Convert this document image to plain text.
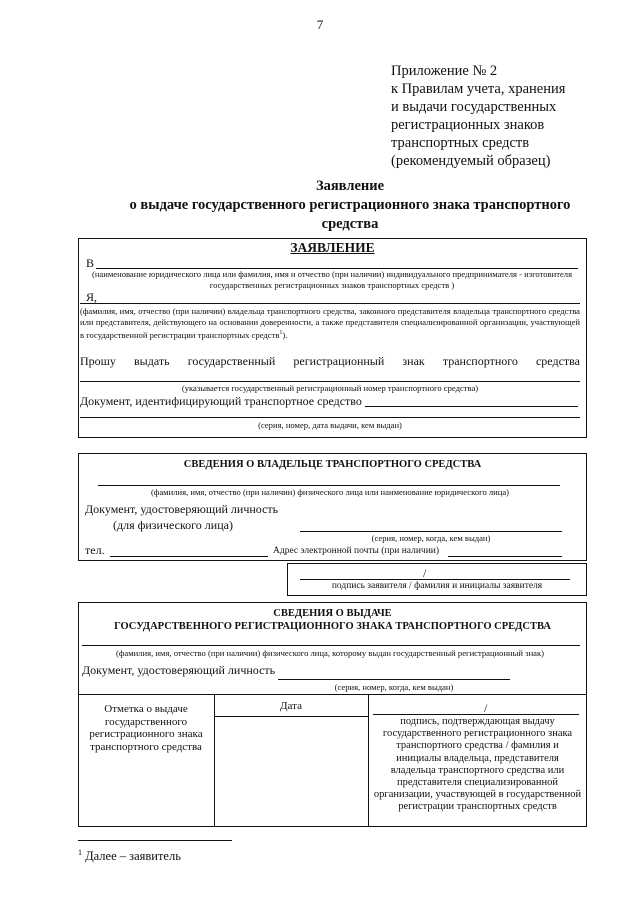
7
Приложение № 2
к Правилам учета, хранения
и выдачи государственных
регистрационных знаков
транспортных средств
(рекомендуемый образец)
Заявление
о выдаче государственного регистрационного знака транспортного
средства
ЗАЯВЛЕНИЕ
В
(наименование юридического лица или фамилия, имя и отчество (при наличии) индивидуального предпринимателя - изготовителя государственных регистрационных знаков транспортных средств )
Я,
(фамилия, имя, отчество (при наличии) владельца транспортного средства, законного представителя владельца транспортного средства или представителя, действующего на основании доверенности, а также представителя специализированной организации, участвующей в государственной регистрации транспортных средств$^1$).
Прошу выдать государственный регистрационный знак транспортного средства
(указывается государственный регистрационный номер транспортного средства)
Документ, идентифицирующий транспортное средство
(серия, номер, дата выдачи, кем выдан)
СВЕДЕНИЯ О ВЛАДЕЛЬЦЕ ТРАНСПОРТНОГО СРЕДСТВА
(фамилия, имя, отчество (при наличии) физического лица или наименование юридического лица)
Документ, удостоверяющий личность
(для физического лица)
(серия, номер, когда, кем выдан)
тел.	Адрес электронной почты (при наличии)
/
подпись заявителя / фамилия и инициалы заявителя
СВЕДЕНИЯ О ВЫДАЧЕ
ГОСУДАРСТВЕННОГО РЕГИСТРАЦИОННОГО ЗНАКА ТРАНСПОРТНОГО СРЕДСТВА
(фамилия, имя, отчество (при наличии) физического лица, которому выдан государственный регистрационный знак)
Документ, удостоверяющий личность
(серия, номер, когда, кем выдан)
Отметка о выдаче
государственного
регистрационного знака
транспортного средства
Дата	/
подпись, подтверждающая выдачу
государственного регистрационного знака
транспортного средства / фамилия и
инициалы владельца, представителя
владельца транспортного средства или
представителя специализированной
организации, участвующей в государственной
регистрации транспортных средств
$^1$ Далее – заявитель
